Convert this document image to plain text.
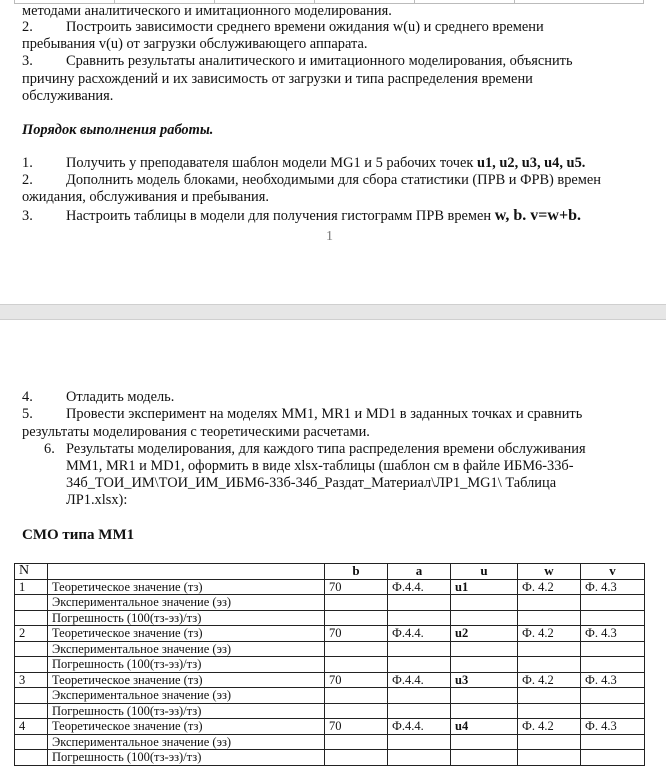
методами аналитического и имитационного моделирования.
2. Построить зависимости среднего времени ожидания w(u) и среднего времени
пребывания v(u) от загрузки обслуживающего аппарата.
3. Сравнить результаты аналитического и имитационного моделирования, объяснить
причину расхождений и их зависимость от загрузки и типа распределения времени
обслуживания.
Порядок выполнения работы.
1. Получить у преподавателя шаблон модели MG1 и 5 рабочих точек u1, u2, u3, u4, u5.
2. Дополнить модель блоками, необходимыми для сбора статистики (ПРВ и ФРВ) времен
ожидания, обслуживания и пребывания.
3. Настроить таблицы в модели для получения гистограмм ПРВ времен w, b. v=w+b.
1
4. Отладить модель.
5. Провести эксперимент на моделях MM1, MR1 и MD1 в заданных точках и сравнить
результаты моделирования с теоретическими расчетами.
6. Результаты моделирования, для каждого типа распределения времени обслуживания
MM1, MR1 и MD1, оформить в виде xlsx-таблицы (шаблон см в файле ИБМ6-33б-
34б_ТОИ_ИМ\ТОИ_ИМ_ИБМ6-33б-34б_Раздат_Материал\ЛР1_MG1\ Таблица
ЛР1.xlsx):
СМО типа MM1
N		b	a	u	w	v
1	Теоретическое значение (тз)	70	Ф.4.4.	u1	Ф. 4.2	Ф. 4.3
	Экспериментальное значение (эз)					
	Погрешность (100(тз-эз)/тз)					
2	Теоретическое значение (тз)	70	Ф.4.4.	u2	Ф. 4.2	Ф. 4.3
	Экспериментальное значение (эз)					
	Погрешность (100(тз-эз)/тз)					
3	Теоретическое значение (тз)	70	Ф.4.4.	u3	Ф. 4.2	Ф. 4.3
	Экспериментальное значение (эз)					
	Погрешность (100(тз-эз)/тз)					
4	Теоретическое значение (тз)	70	Ф.4.4.	u4	Ф. 4.2	Ф. 4.3
	Экспериментальное значение (эз)					
	Погрешность (100(тз-эз)/тз)					
